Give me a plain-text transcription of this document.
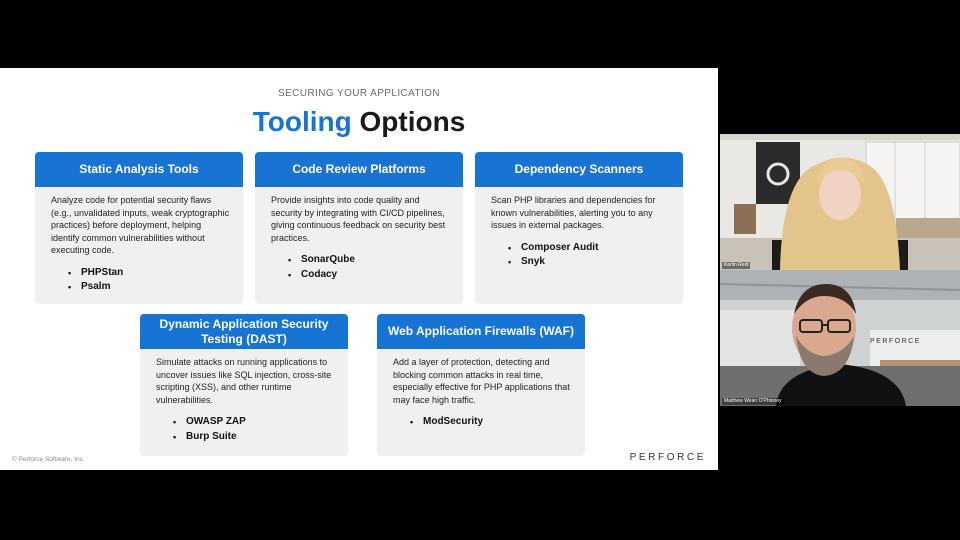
SECURING YOUR APPLICATION
Tooling Options
Static Analysis Tools
Analyze code for potential security flaws (e.g., unvalidated inputs, weak cryptographic practices) before deployment, helping identify common vulnerabilities without executing code.
• PHPStan
• Psalm
Code Review Platforms
Provide insights into code quality and security by integrating with CI/CD pipelines, giving continuous feedback on security best practices.
• SonarQube
• Codacy
Dependency Scanners
Scan PHP libraries and dependencies for known vulnerabilities, alerting you to any issues in external packages.
• Composer Audit
• Snyk
Dynamic Application Security Testing (DAST)
Simulate attacks on running applications to uncover issues like SQL injection, cross-site scripting (XSS), and other runtime vulnerabilities.
• OWASP ZAP
• Burp Suite
Web Application Firewalls (WAF)
Add a layer of protection, detecting and blocking common attacks in real time, especially effective for PHP applications that may face high traffic.
• ModSecurity
© Perforce Software, Inc.	PERFORCE
Kerlin Reid
PERFORCE
Matthew Weier O'Phinney
